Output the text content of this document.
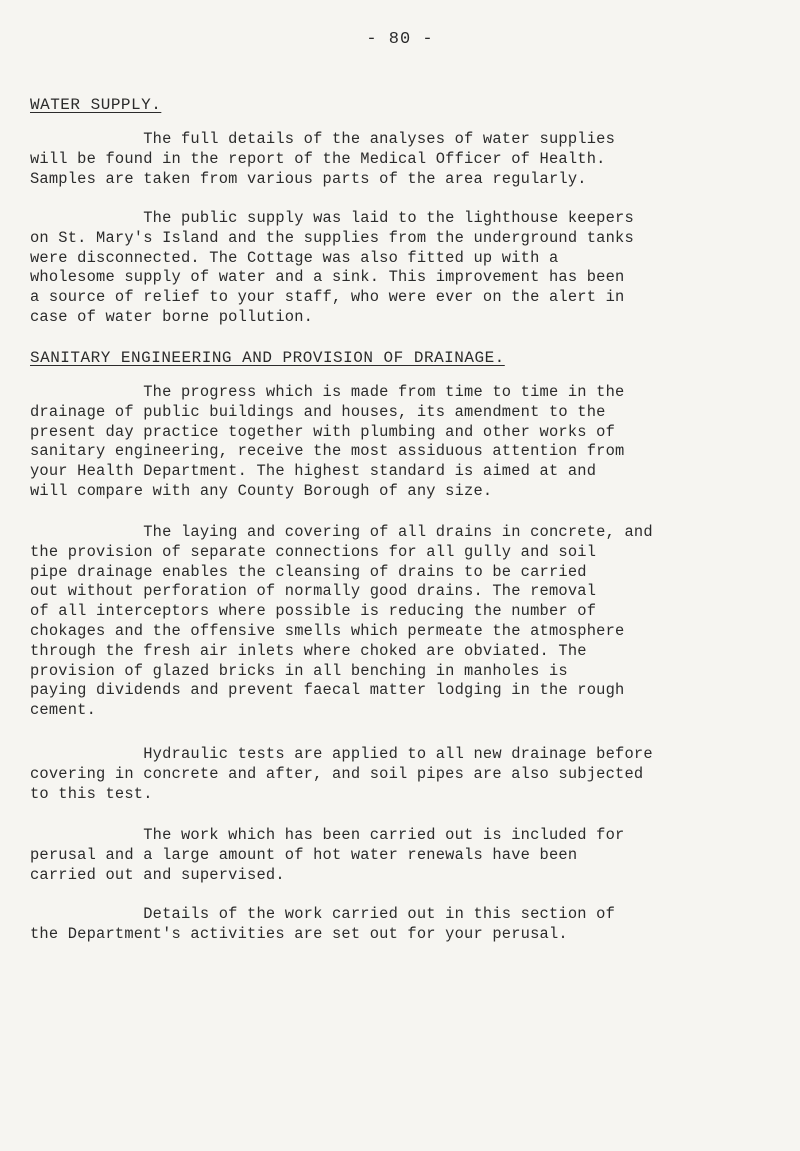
- 80 -
WATER SUPPLY.

The full details of the analyses of water supplies
will be found in the report of the Medical Officer of Health.
Samples are taken from various parts of the area regularly.

The public supply was laid to the lighthouse keepers
on St. Mary's Island and the supplies from the underground tanks
were disconnected. The Cottage was also fitted up with a
wholesome supply of water and a sink. This improvement has been
a source of relief to your staff, who were ever on the alert in
case of water borne pollution.

SANITARY ENGINEERING AND PROVISION OF DRAINAGE.

The progress which is made from time to time in the
drainage of public buildings and houses, its amendment to the
present day practice together with plumbing and other works of
sanitary engineering, receive the most assiduous attention from
your Health Department. The highest standard is aimed at and
will compare with any County Borough of any size.

The laying and covering of all drains in concrete, and
the provision of separate connections for all gully and soil
pipe drainage enables the cleansing of drains to be carried
out without perforation of normally good drains. The removal
of all interceptors where possible is reducing the number of
chokages and the offensive smells which permeate the atmosphere
through the fresh air inlets where choked are obviated. The
provision of glazed bricks in all benching in manholes is
paying dividends and prevent faecal matter lodging in the rough
cement.

Hydraulic tests are applied to all new drainage before
covering in concrete and after, and soil pipes are also subjected
to this test.

The work which has been carried out is included for
perusal and a large amount of hot water renewals have been
carried out and supervised.

Details of the work carried out in this section of
the Department's activities are set out for your perusal.
